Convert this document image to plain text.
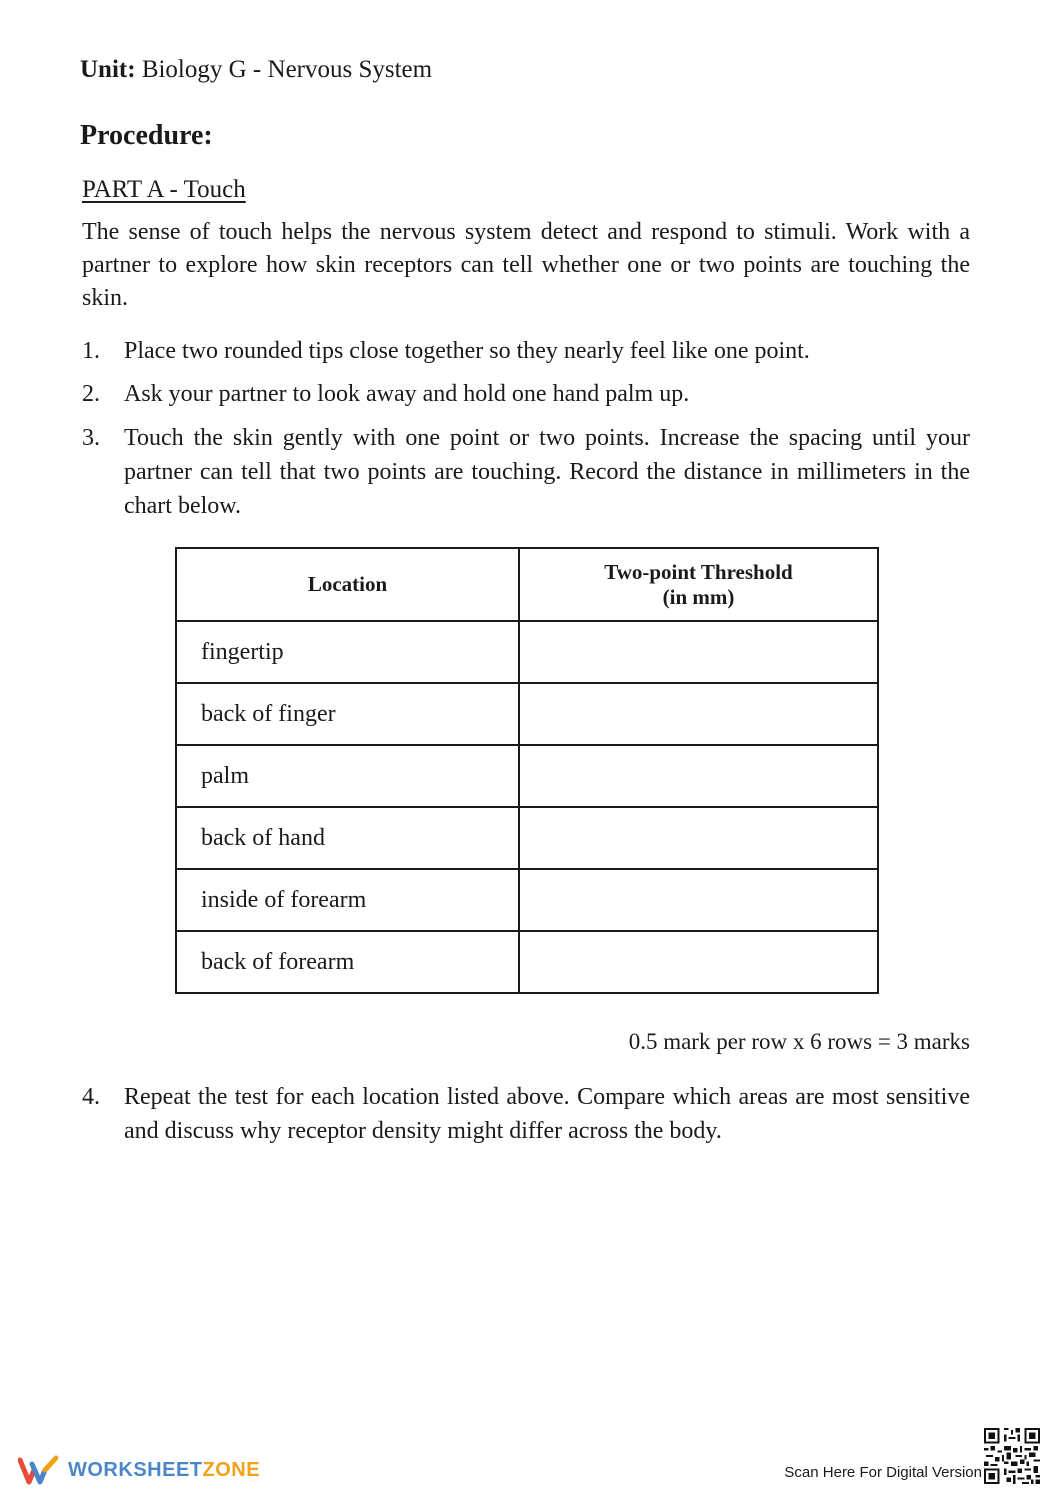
Unit: Biology G - Nervous System
Procedure:
PART A - Touch

The sense of touch helps the nervous system detect and respond to stimuli. Work with a partner to explore how skin receptors can tell whether one or two points are touching the skin.

1.	Place two rounded tips close together so they nearly feel like one point.
2.	Ask your partner to look away and hold one hand palm up.
3.	Touch the skin gently with one point or two points. Increase the spacing until your partner can tell that two points are touching. Record the distance in millimeters in the chart below.
Location	Two-point Threshold
(in mm)

fingertip	
back of finger	
palm	
back of hand	
inside of forearm	
back of forearm	
0.5 mark per row x 6 rows = 3 marks
4.	Repeat the test for each location listed above. Compare which areas are most sensitive and discuss why receptor density might differ across the body.
WORKSHEETZONE	Scan Here For Digital Version
